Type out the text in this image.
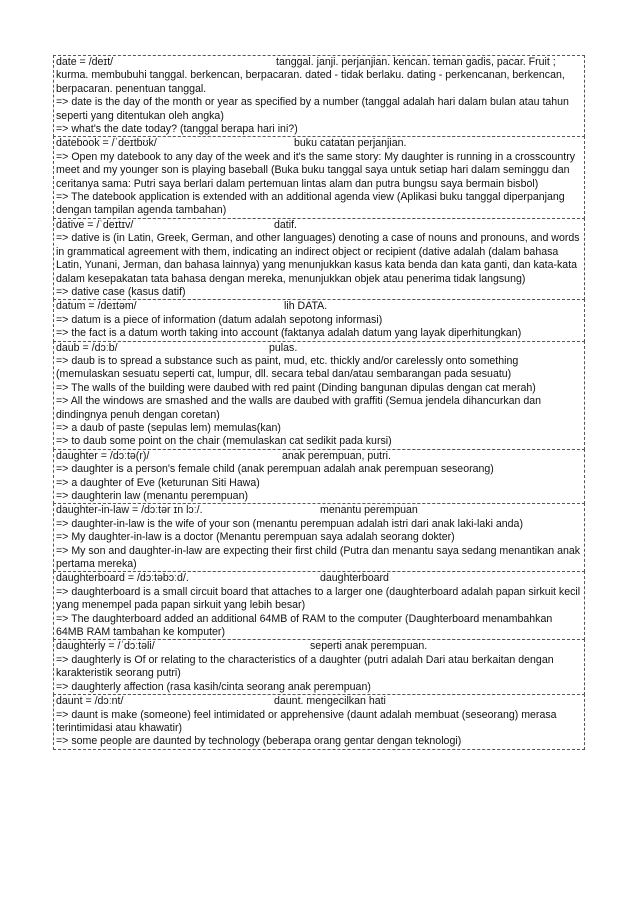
date = /deɪt/	tanggal. janji. perjanjian. kencan. teman gadis, pacar. Fruit ; kurma. membubuhi tanggal. berkencan, berpacaran. dated - tidak berlaku. dating - perkencanan, berkencan, berpacaran. penentuan tanggal.

=> date is the day of the month or year as specified by a number (tanggal adalah hari dalam bulan atau tahun seperti yang ditentukan oleh angka)

=> what's the date today? (tanggal berapa hari ini?)

datebook = /ˈdeɪtbʊk/	buku catatan perjanjian.

=> Open my datebook to any day of the week and it's the same story: My daughter is running in a crosscountry meet and my younger son is playing baseball (Buka buku tanggal saya untuk setiap hari dalam seminggu dan ceritanya sama: Putri saya berlari dalam pertemuan lintas alam dan putra bungsu saya bermain bisbol)

=> The datebook application is extended with an additional agenda view (Aplikasi buku tanggal diperpanjang dengan tampilan agenda tambahan)

dative = /ˈdeɪtɪv/	datif.

=> dative is (in Latin, Greek, German, and other languages) denoting a case of nouns and pronouns, and words in grammatical agreement with them, indicating an indirect object or recipient (dative adalah (dalam bahasa Latin, Yunani, Jerman, dan bahasa lainnya) yang menunjukkan kasus kata benda dan kata ganti, dan kata-kata dalam kesepakatan tata bahasa dengan mereka, menunjukkan objek atau penerima tidak langsung)

=> dative case (kasus datif)

datum = /deɪtəm/	lih DATA.

=> datum is a piece of information (datum adalah sepotong informasi)

=> the fact is a datum worth taking into account (faktanya adalah datum yang layak diperhitungkan)

daub = /dɔːb/	pulas.

=> daub is to spread a substance such as paint, mud, etc. thickly and/or carelessly onto something (memulaskan sesuatu seperti cat, lumpur, dll. secara tebal dan/atau sembarangan pada sesuatu)

=> The walls of the building were daubed with red paint (Dinding bangunan dipulas dengan cat merah)

=> All the windows are smashed and the walls are daubed with graffiti (Semua jendela dihancurkan dan dindingnya penuh dengan coretan)

=> a daub of paste (sepulas lem) memulas(kan)

=> to daub some point on the chair (memulaskan cat sedikit pada kursi)

daughter = /dɔːtə(r)/	anak perempuan, putri.

=> daughter is a person's female child (anak perempuan adalah anak perempuan seseorang)

=> a daughter of Eve (keturunan Siti Hawa)

=> daughterin law (menantu perempuan)

daughter-in-law = /dɔːtər ɪn lɔː/.	menantu perempuan

=> daughter-in-law is the wife of your son (menantu perempuan adalah istri dari anak laki-laki anda)

=> My daughter-in-law is a doctor (Menantu perempuan saya adalah seorang dokter)

=> My son and daughter-in-law are expecting their first child (Putra dan menantu saya sedang menantikan anak pertama mereka)

daughterboard = /dɔːtəbɔːd/.	daughterboard

=> daughterboard is a small circuit board that attaches to a larger one (daughterboard adalah papan sirkuit kecil yang menempel pada papan sirkuit yang lebih besar)

=> The daughterboard added an additional 64MB of RAM to the computer (Daughterboard menambahkan 64MB RAM tambahan ke komputer)

daughterly = /ˈdɔːtəli/	seperti anak perempuan.

=> daughterly is Of or relating to the characteristics of a daughter (putri adalah Dari atau berkaitan dengan karakteristik seorang putri)

=> daughterly affection (rasa kasih/cinta seorang anak perempuan)

daunt = /dɔːnt/	daunt. mengecilkan hati

=> daunt is make (someone) feel intimidated or apprehensive (daunt adalah membuat (seseorang) merasa terintimidasi atau khawatir)

=> some people are daunted by technology (beberapa orang gentar dengan teknologi)
